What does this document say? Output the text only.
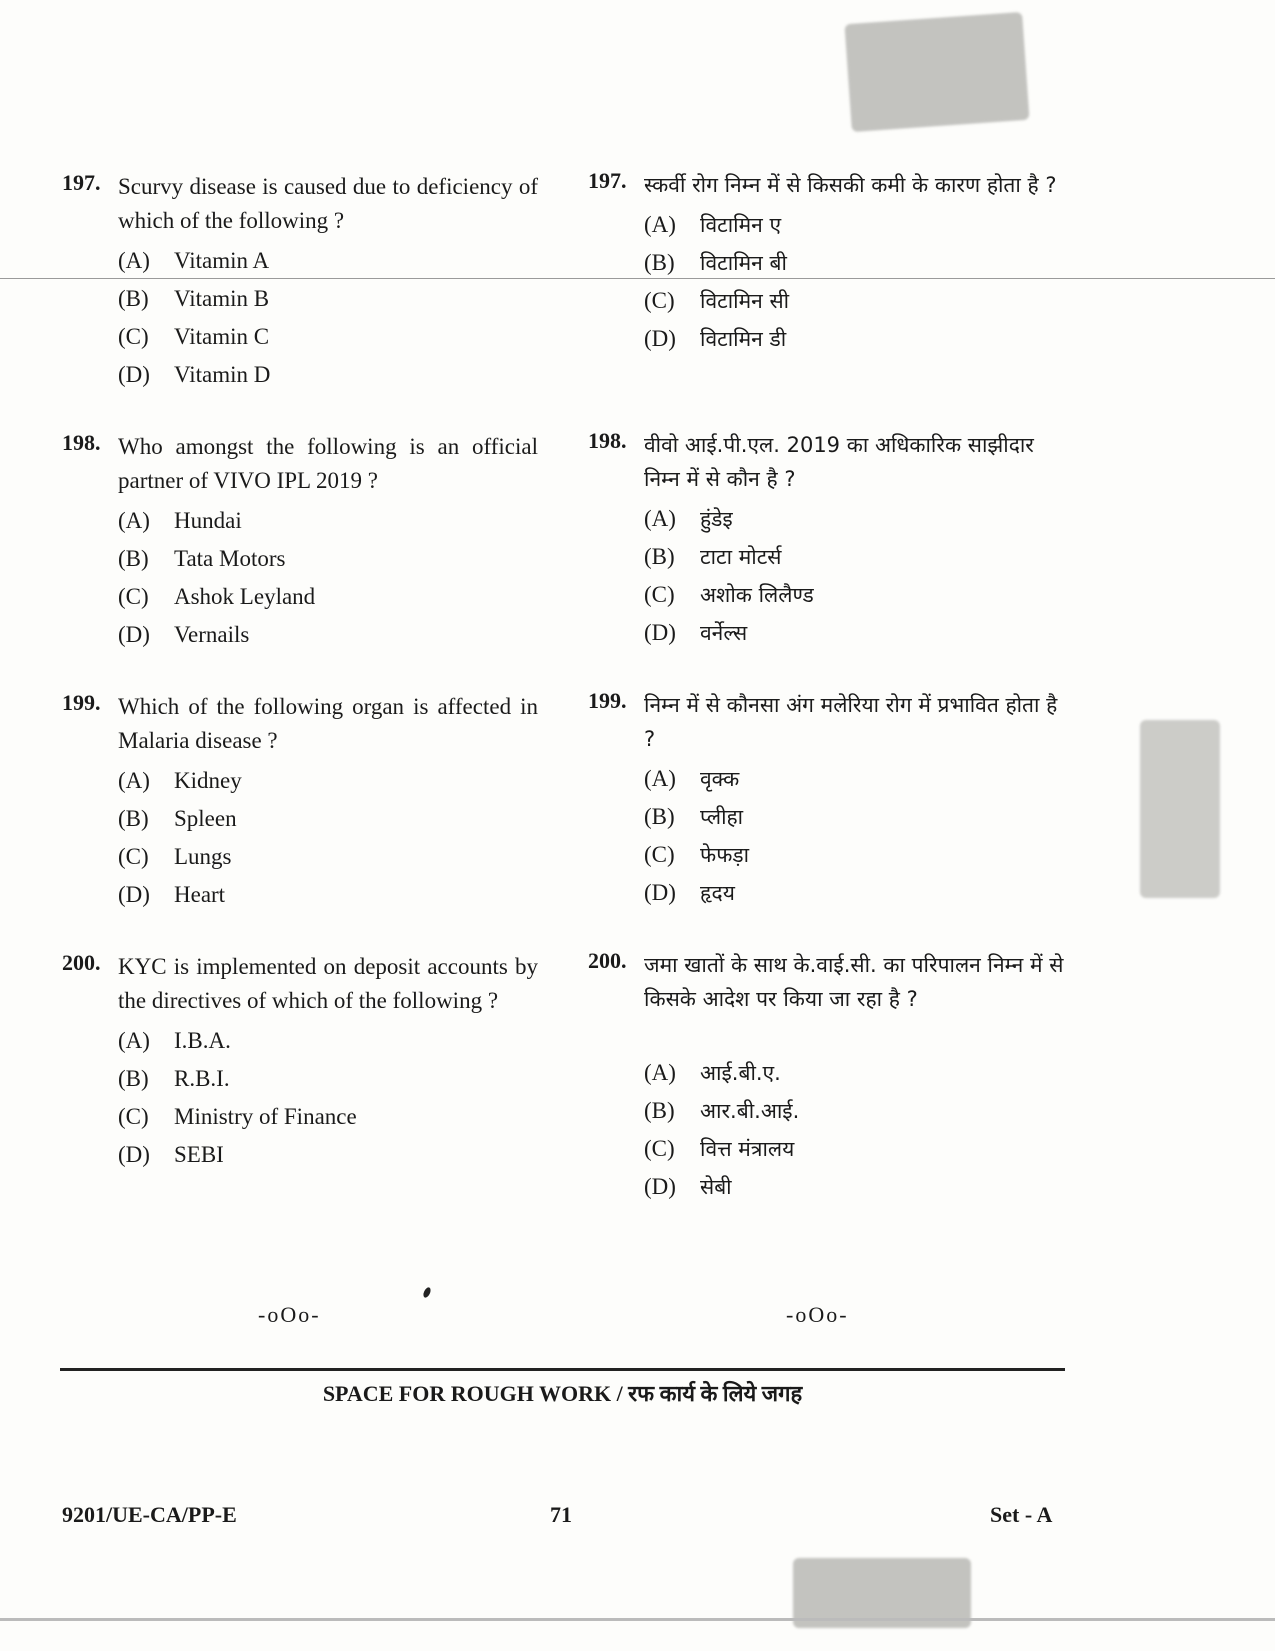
197. Scurvy disease is caused due to deficiency of which of the following ?
(A)	Vitamin A
(B)	Vitamin B
(C)	Vitamin C
(D)	Vitamin D
198. Who amongst the following is an official partner of VIVO IPL 2019 ?
(A)	Hundai
(B)	Tata Motors
(C)	Ashok Leyland
(D)	Vernails
199. Which of the following organ is affected in Malaria disease ?
(A)	Kidney
(B)	Spleen
(C)	Lungs
(D)	Heart
200. KYC is implemented on deposit accounts by the directives of which of the following ?
(A)	I.B.A.
(B)	R.B.I.
(C)	Ministry of Finance
(D)	SEBI
197. स्कर्वी रोग निम्न में से किसकी कमी के कारण होता है ?
(A)	विटामिन ए
(B)	विटामिन बी
(C)	विटामिन सी
(D)	विटामिन डी
198. वीवो आई.पी.एल. 2019 का अधिकारिक साझीदार निम्न में से कौन है ?
(A)	हुंडेइ
(B)	टाटा मोटर्स
(C)	अशोक लिलैण्ड
(D)	वर्नेल्स
199. निम्न में से कौनसा अंग मलेरिया रोग में प्रभावित होता है ?
(A)	वृक्क
(B)	प्लीहा
(C)	फेफड़ा
(D)	हृदय
200. जमा खातों के साथ के.वाई.सी. का परिपालन निम्न में से किसके आदेश पर किया जा रहा है ?
(A)	आई.बी.ए.
(B)	आर.बी.आई.
(C)	वित्त मंत्रालय
(D)	सेबी
-oOo-	-oOo-
SPACE FOR ROUGH WORK / रफ कार्य के लिये जगह
9201/UE-CA/PP-E	71	Set - A
